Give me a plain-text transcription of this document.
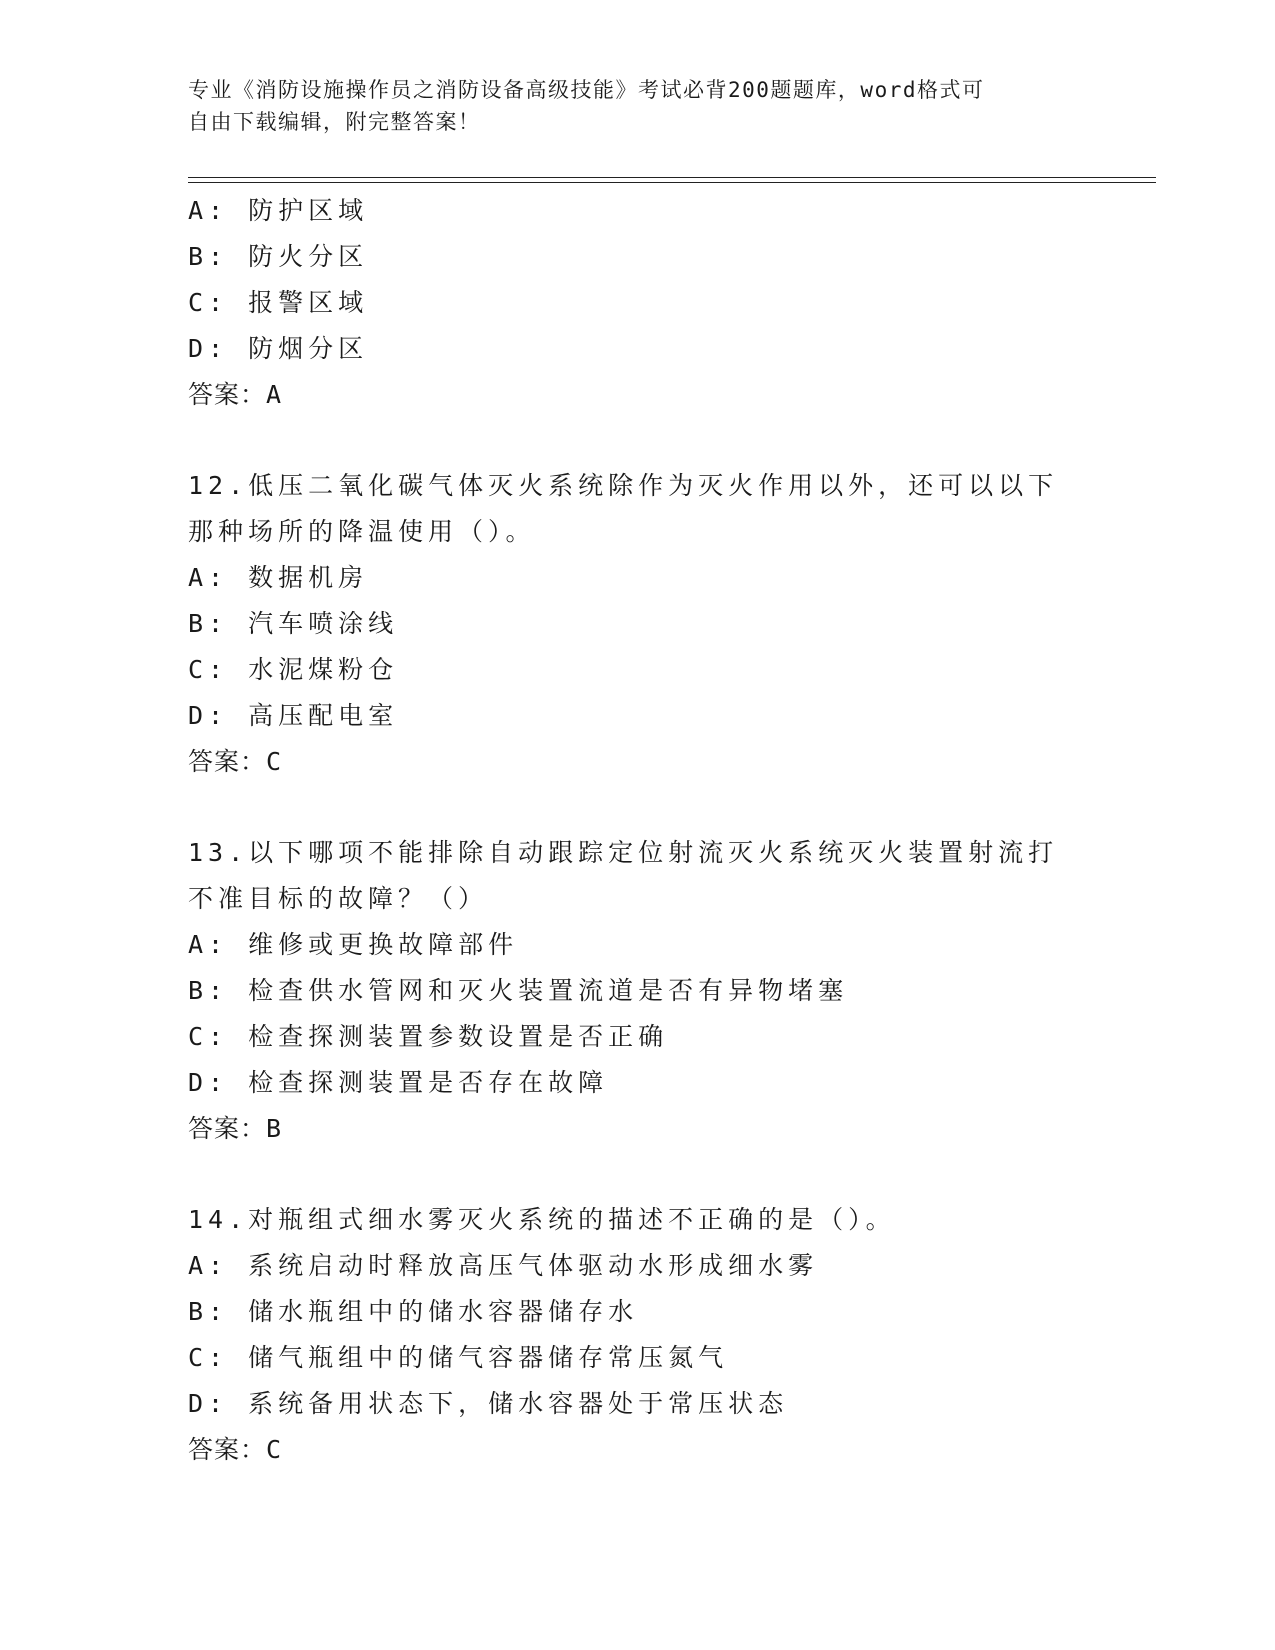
专业《消防设施操作员之消防设备高级技能》考试必背200题题库，word格式可
自由下载编辑，附完整答案！
A: 防护区域
B: 防火分区
C: 报警区域
D: 防烟分区
答案：A
12.低压二氧化碳气体灭火系统除作为灭火作用以外，还可以以下那种场所的降温使用（）。
A: 数据机房
B: 汽车喷涂线
C: 水泥煤粉仓
D: 高压配电室
答案：C
13.以下哪项不能排除自动跟踪定位射流灭火系统灭火装置射流打不准目标的故障？（）
A: 维修或更换故障部件
B: 检查供水管网和灭火装置流道是否有异物堵塞
C: 检查探测装置参数设置是否正确
D: 检查探测装置是否存在故障
答案：B
14.对瓶组式细水雾灭火系统的描述不正确的是（）。
A: 系统启动时释放高压气体驱动水形成细水雾
B: 储水瓶组中的储水容器储存水
C: 储气瓶组中的储气容器储存常压氮气
D: 系统备用状态下，储水容器处于常压状态
答案：C
